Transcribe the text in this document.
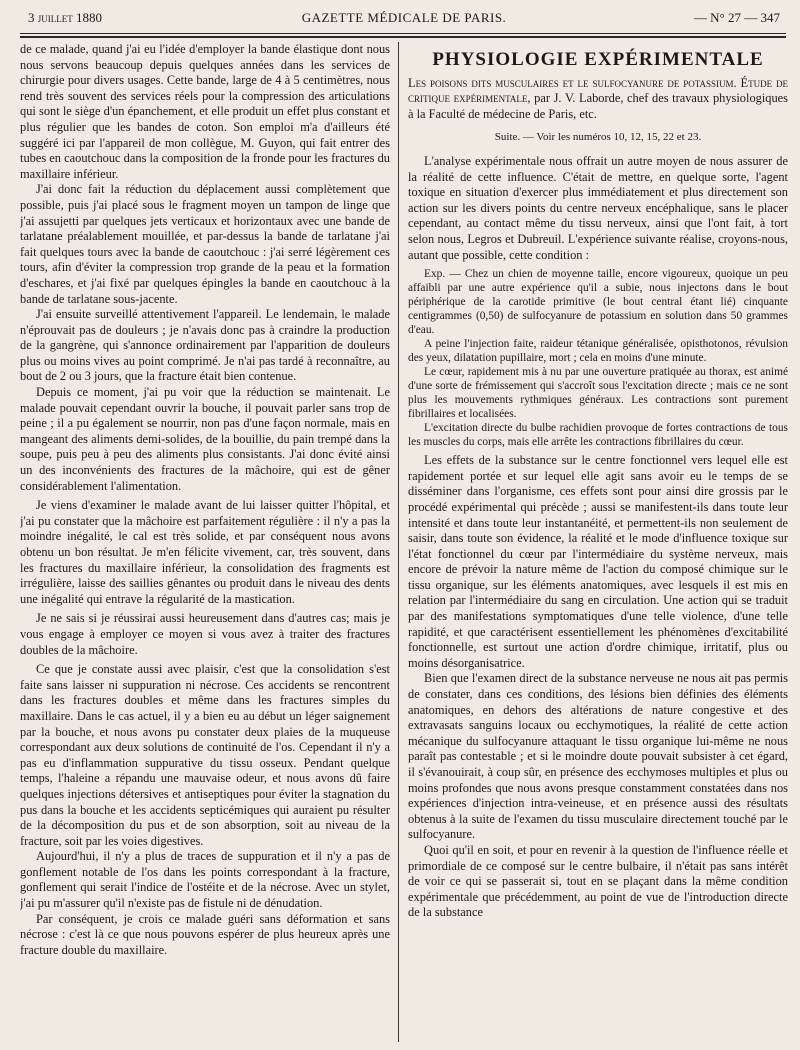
3 juillet 1880	GAZETTE MÉDICALE DE PARIS.	— N° 27 — 347

de ce malade, quand j'ai eu l'idée d'employer la bande élastique dont nous nous servons beaucoup depuis quelques années dans les services de chirurgie pour divers usages. Cette bande, large de 4 à 5 centimètres, nous rend très souvent des services réels pour la compression des articulations qui sont le siège d'un épanchement, et elle produit un effet plus constant et plus régulier que les bandes de coton. Son emploi m'a d'ailleurs été suggéré ici par l'appareil de mon collègue, M. Guyon, qui fait entrer des tubes en caoutchouc dans la composition de la fronde pour les fractures du maxillaire inférieur.

J'ai donc fait la réduction du déplacement aussi complètement que possible, puis j'ai placé sous le fragment moyen un tampon de linge que j'ai assujetti par quelques jets verticaux et horizontaux avec une bande de tarlatane préalablement mouillée, et par-dessus la bande de tarlatane j'ai fait quelques tours avec la bande de caoutchouc : j'ai serré légèrement ces tours, afin d'éviter la compression trop grande de la peau et la formation d'eschares, et j'ai fixé par quelques épingles la bande en caoutchouc à la bande de tarlatane sous-jacente.

J'ai ensuite surveillé attentivement l'appareil. Le lendemain, le malade n'éprouvait pas de douleurs ; je n'avais donc pas à craindre la production de la gangrène, qui s'annonce ordinairement par l'apparition de douleurs plus ou moins vives au point comprimé. Je n'ai pas tardé à reconnaître, au bout de 2 ou 3 jours, que la fracture était bien contenue.

Depuis ce moment, j'ai pu voir que la réduction se maintenait. Le malade pouvait cependant ouvrir la bouche, il pouvait parler sans trop de peine ; il a pu également se nourrir, non pas d'une façon normale, mais en mangeant des aliments demi-solides, de la bouillie, du pain trempé dans la soupe, puis peu à peu des aliments plus consistants. J'ai donc évité ainsi un des inconvénients des fractures de la mâchoire, qui est de gêner considérablement l'alimentation.

Je viens d'examiner le malade avant de lui laisser quitter l'hôpital, et j'ai pu constater que la mâchoire est parfaitement régulière : il n'y a pas la moindre inégalité, le cal est très solide, et par conséquent nous avons obtenu un bon résultat. Je m'en félicite vivement, car, très souvent, dans les fractures du maxillaire inférieur, la consolidation des fragments est irrégulière, laisse des saillies gênantes ou produit dans le niveau des dents une inégalité qui entrave la régularité de la mastication.

Je ne sais si je réussirai aussi heureusement dans d'autres cas; mais je vous engage à employer ce moyen si vous avez à traiter des fractures doubles de la mâchoire.

Ce que je constate aussi avec plaisir, c'est que la consolidation s'est faite sans laisser ni suppuration ni nécrose. Ces accidents se rencontrent dans les fractures doubles et même dans les fractures simples du maxillaire. Dans le cas actuel, il y a bien eu au début un léger saignement par la bouche, et nous avons pu constater deux plaies de la muqueuse correspondant aux deux solutions de continuité de l'os. Cependant il n'y a pas eu d'inflammation suppurative du tissu osseux. Pendant quelque temps, l'haleine a répandu une mauvaise odeur, et nous avons dû faire quelques injections détersives et antiseptiques pour éviter la stagnation du pus dans la bouche et les accidents septicémiques qui auraient pu résulter de la décomposition du pus et de son absorption, soit au niveau de la fracture, soit par les voies digestives.

Aujourd'hui, il n'y a plus de traces de suppuration et il n'y a pas de gonflement notable de l'os dans les points correspondant à la fracture, gonflement qui serait l'indice de l'ostéite et de la nécrose. Avec un stylet, j'ai pu m'assurer qu'il n'existe pas de fistule ni de dénudation.

Par conséquent, je crois ce malade guéri sans déformation et sans nécrose : c'est là ce que nous pouvons espérer de plus heureux après une fracture double du maxillaire.

PHYSIOLOGIE EXPÉRIMENTALE

Les poisons dits musculaires et le sulfocyanure de potassium. Étude de critique expérimentale, par J. V. Laborde, chef des travaux physiologiques à la Faculté de médecine de Paris, etc.

Suite. — Voir les numéros 10, 12, 15, 22 et 23.

L'analyse expérimentale nous offrait un autre moyen de nous assurer de la réalité de cette influence. C'était de mettre, en quelque sorte, l'agent toxique en situation d'exercer plus immédiatement et plus directement son action sur les divers points du centre nerveux encéphalique, sans le placer cependant, au contact même du tissu nerveux, ainsi que l'ont fait, à tort selon nous, Legros et Dubreuil. L'expérience suivante réalise, croyons-nous, autant que possible, cette condition :

Exp. — Chez un chien de moyenne taille, encore vigoureux, quoique un peu affaibli par une autre expérience qu'il a subie, nous injectons dans le bout périphérique de la carotide primitive (le bout central étant lié) cinquante centigrammes (0,50) de sulfocyanure de potassium en solution dans 50 grammes d'eau.

A peine l'injection faite, raideur tétanique généralisée, opisthotonos, révulsion des yeux, dilatation pupillaire, mort ; cela en moins d'une minute.

Le cœur, rapidement mis à nu par une ouverture pratiquée au thorax, est animé d'une sorte de frémissement qui s'accroît sous l'excitation directe ; mais ce ne sont plus les mouvements rythmiques généraux. Les contractions sont purement fibrillaires et localisées.

L'excitation directe du bulbe rachidien provoque de fortes contractions de tous les muscles du corps, mais elle arrête les contractions fibrillaires du cœur.

Les effets de la substance sur le centre fonctionnel vers lequel elle est rapidement portée et sur lequel elle agit sans avoir eu le temps de se disséminer dans l'organisme, ces effets sont pour ainsi dire grossis par le procédé expérimental qui précède ; aussi se manifestent-ils dans toute leur intensité et dans toute leur instantanéité, et permettent-ils non seulement de saisir, dans toute son évidence, la réalité et le mode d'influence toxique sur l'état fonctionnel du cœur par l'intermédiaire du système nerveux, mais encore de prévoir la nature même de l'action du composé chimique sur le tissu organique, sur les éléments anatomiques, avec lesquels il est mis en relation par l'intermédiaire du sang en circulation. Une action qui se traduit par des manifestations symptomatiques d'une telle violence, d'une telle rapidité, et que caractérisent essentiellement les phénomènes d'excitabilité fonctionnelle, est surtout une action d'ordre chimique, irritatif, plus ou moins désorganisatrice.

Bien que l'examen direct de la substance nerveuse ne nous ait pas permis de constater, dans ces conditions, des lésions bien définies des éléments anatomiques, en dehors des altérations de nature congestive et des extravasats sanguins locaux ou ecchymotiques, la réalité de cette action mécanique du sulfocyanure attaquant le tissu organique lui-même ne nous paraît pas contestable ; et si le moindre doute pouvait subsister à cet égard, il s'évanouirait, à coup sûr, en présence des ecchymoses multiples et plus ou moins profondes que nous avons presque constamment constatées dans nos expériences d'injection intra-veineuse, et en présence aussi des résultats obtenus à la suite de l'examen du tissu musculaire directement touché par le sulfocyanure.

Quoi qu'il en soit, et pour en revenir à la question de l'influence réelle et primordiale de ce composé sur le centre bulbaire, il n'était pas sans intérêt de voir ce qui se passerait si, tout en se plaçant dans la même condition expérimentale que précédemment, au point de vue de l'introduction directe de la substance
